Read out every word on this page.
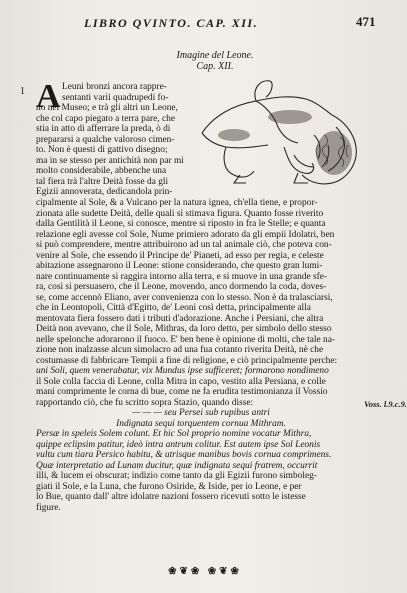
LIBRO QVINTO. CAP. XII.	471
Imagine del Leone.
Cap. XII.
1 A Leuni bronzi ancora rappre-
sentanti varii quadrupedi fo-
no nel Museo; e trà gli altri un Leone,
che col capo piegato a terra pare, che
stia in atto di afferrare la preda, ò di
prepararsi a qualche valoroso cimen-
to. Non è questi di gattivo disegno;
ma in se stesso per antichità non par mi
molto considerabile, abbenche una
tal fiera trà l'altre Deità fosse da gli
Egizii annoverata, dedicandola prin-
cipalmente al Sole, & a Vulcano per la natura ignea, ch'ella tiene, e propor-
zionata alle sudette Deità, delle quali sì stimava figura. Quanto fosse riverito
dalla Gentilità il Leone, si conosce, mentre si riposto in fra le Stelle; e quanta
relazione egli avesse col Sole, Nume primiero adorato da gli empii Idolatri, ben
si può comprendere, mentre attribuirono ad un tal animale ciò, che poteva con-
venire al Sole, che essendo il Principe de' Pianeti, ad esso per regia, e celeste
abitazione assegnarono il Leone: stione considerando, che questo gran lumi-
nare continuamente si raggira intorno alla terra, e si muove in una grande sfe-
ra, così si persuasero, che il Leone, movendo, anco dormendo la coda, doves-
se, come accennò Eliano, aver convenienza con lo stesso. Non è da tralasciarsi,
che in Leontopoli, Città d'Egitto, de' Leoni così detta, principalmente alla
mentovata fiera fossero dati i tributi d'adorazione. Anche i Persiani, che altra
Deità non avevano, che il Sole, Mithras, da loro detto, per simbolo dello stesso
nelle spelonche adorarono il fuoco. E' ben bene è opinione di molti, che tale na-
zione non inalzasse alcun simolacro ad una fua cotanto riverita Deità, nè che
costumasse di fabbricare Tempii a fine di religione, e ciò principalmente perche:
uni Soli, quem venerabatur, vix Mundus ipse sufficeret; formarono nondimeno
il Sole colla faccia di Leone, colla Mitra in capo, vestito alla Persiana, e colle
mani comprimente le corna di bue, come ne fa erudita testimonianza il Vossio
rapportando ciò, che fu scritto sopra Stazio, quando disse:
— — — seu Persei sub rupibus antri
Indignata sequi torquentem cornua Mithram.
Persæ in speleis Solem colunt. Et hic Sol proprio nomine vocatur Mithra,
quippe eclipsim patitur, ideò intra antrum colitur. Est autem ipse Sol Leonis
vultu cum tiara Persico habitu, & utrisque manibus bovis cornua comprimens.
Quæ interpretatio ad Lunam ducitur, quæ indignata sequi fratrem, occurrit
illi, & lucem ei obscurat; indizio come tanto da gli Egizii furono simboleg-
giati il Sole, e la Luna, che furono Osiride, & Iside, per io Leone, e per
lo Bue, quanto dall' altre idolatre nazioni fossero ricevuti sotto le istesse
figure.
Voss. l.9.c.9.
❀❦❀ ❀❦❀
